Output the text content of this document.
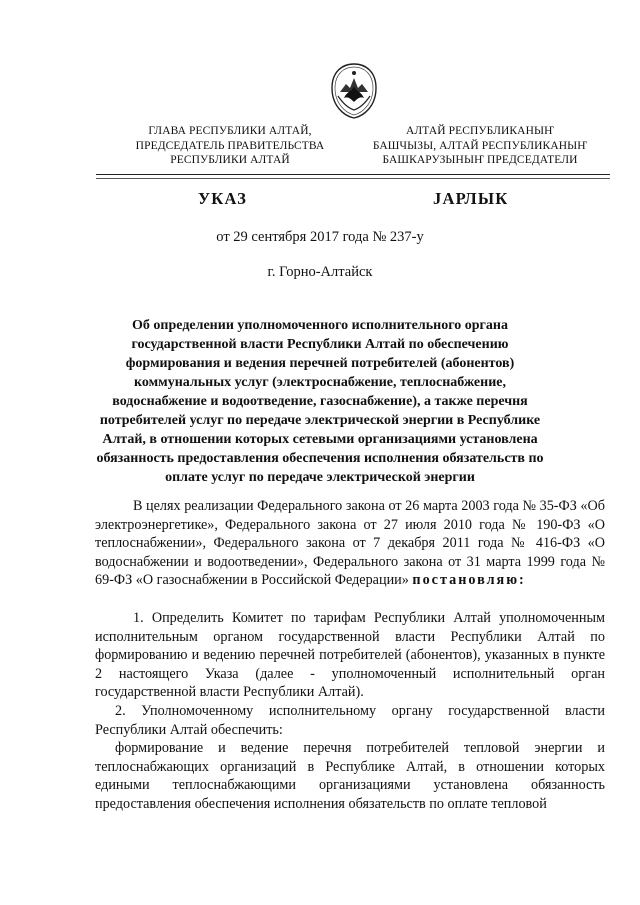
ГЛАВА РЕСПУБЛИКИ АЛТАЙ,
ПРЕДСЕДАТЕЛЬ ПРАВИТЕЛЬСТВА
РЕСПУБЛИКИ АЛТАЙ
АЛТАЙ РЕСПУБЛИКАНЫҤ
БАШЧЫЗЫ, АЛТАЙ РЕСПУБЛИКАНЫҤ
БАШКАРУЗЫНЫҤ ПРЕДСЕДАТЕЛИ
УКАЗ	JАРЛЫК
от 29 сентября 2017 года № 237-у
г. Горно-Алтайск
Об определении уполномоченного исполнительного органа
государственной власти Республики Алтай по обеспечению
формирования и ведения перечней потребителей (абонентов)
коммунальных услуг (электроснабжение, теплоснабжение,
водоснабжение и водоотведение, газоснабжение), а также перечня
потребителей услуг по передаче электрической энергии в Республике
Алтай, в отношении которых сетевыми организациями установлена
обязанность предоставления обеспечения исполнения обязательств по
оплате услуг по передаче электрической энергии

В целях реализации Федерального закона от 26 марта 2003 года № 35-ФЗ «Об электроэнергетике», Федерального закона от 27 июля 2010 года № 190-ФЗ «О теплоснабжении», Федерального закона от 7 декабря 2011 года № 416-ФЗ «О водоснабжении и водоотведении», Федерального закона от 31 марта 1999 года № 69-ФЗ «О газоснабжении в Российской Федерации» постановляю:

1. Определить Комитет по тарифам Республики Алтай уполномоченным исполнительным органом государственной власти Республики Алтай по формированию и ведению перечней потребителей (абонентов), указанных в пункте 2 настоящего Указа (далее - уполномоченный исполнительный орган государственной власти Республики Алтай).

2. Уполномоченному исполнительному органу государственной власти Республики Алтай обеспечить:

формирование и ведение перечня потребителей тепловой энергии и теплоснабжающих организаций в Республике Алтай, в отношении которых едиными теплоснабжающими организациями установлена обязанность предоставления обеспечения исполнения обязательств по оплате тепловой
